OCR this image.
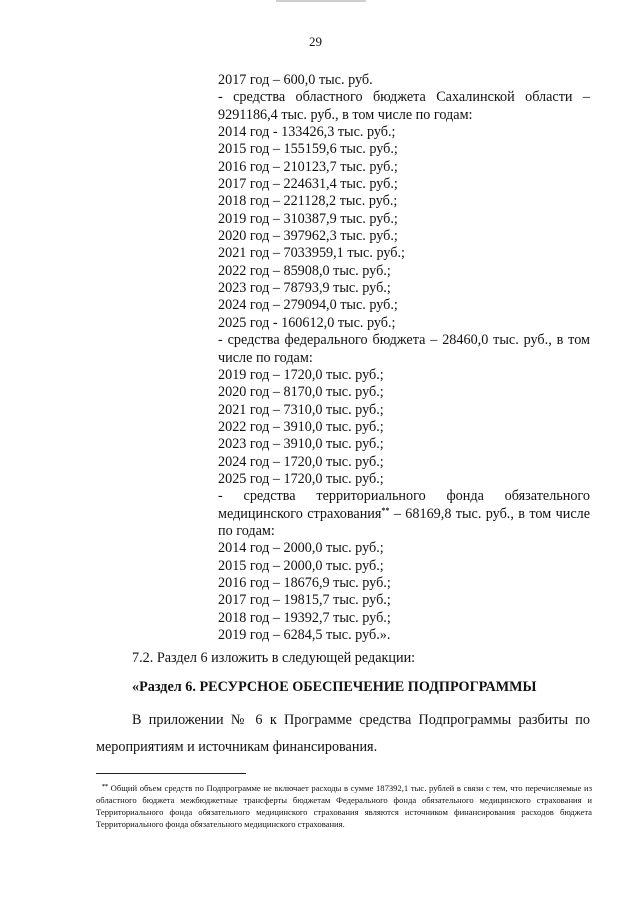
29
2017 год – 600,0 тыс. руб.
- средства областного бюджета Сахалинской области – 9291186,4 тыс. руб., в том числе по годам:
2014 год - 133426,3 тыс. руб.;
2015 год – 155159,6 тыс. руб.;
2016 год – 210123,7 тыс. руб.;
2017 год – 224631,4 тыс. руб.;
2018 год – 221128,2 тыс. руб.;
2019 год – 310387,9 тыс. руб.;
2020 год – 397962,3 тыс. руб.;
2021 год – 7033959,1 тыс. руб.;
2022 год – 85908,0 тыс. руб.;
2023 год – 78793,9 тыс. руб.;
2024 год – 279094,0 тыс. руб.;
2025 год - 160612,0 тыс. руб.;
- средства федерального бюджета – 28460,0 тыс. руб., в том числе по годам:
2019 год – 1720,0 тыс. руб.;
2020 год – 8170,0 тыс. руб.;
2021 год – 7310,0 тыс. руб.;
2022 год – 3910,0 тыс. руб.;
2023 год – 3910,0 тыс. руб.;
2024 год – 1720,0 тыс. руб.;
2025 год – 1720,0 тыс. руб.;
- средства территориального фонда обязательного медицинского страхования** – 68169,8 тыс. руб., в том числе по годам:
2014 год – 2000,0 тыс. руб.;
2015 год – 2000,0 тыс. руб.;
2016 год – 18676,9 тыс. руб.;
2017 год – 19815,7 тыс. руб.;
2018 год – 19392,7 тыс. руб.;
2019 год – 6284,5 тыс. руб.».
7.2. Раздел 6 изложить в следующей редакции:
«Раздел 6. РЕСУРСНОЕ ОБЕСПЕЧЕНИЕ ПОДПРОГРАММЫ
В приложении № 6 к Программе средства Подпрограммы разбиты по мероприятиям и источникам финансирования.
** Общий объем средств по Подпрограмме не включает расходы в сумме 187392,1 тыс. рублей в связи с тем, что перечисляемые из областного бюджета межбюджетные трансферты бюджетам Федерального фонда обязательного медицинского страхования и Территориального фонда обязательного медицинского страхования являются источником финансирования расходов бюджета Территориального фонда обязательного медицинского страхования.
